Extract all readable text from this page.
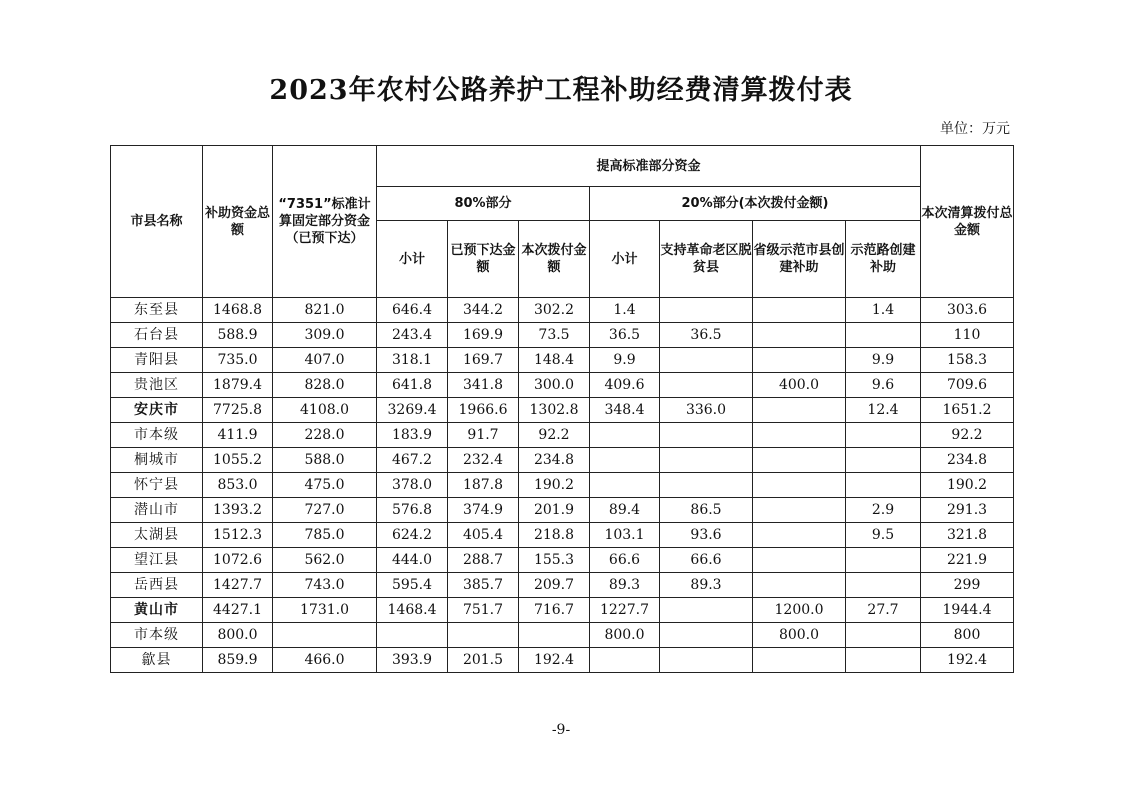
2023年农村公路养护工程补助经费清算拨付表
单位：万元
市县名称	补助资金总额	“7351”标准计算固定部分资金（已预下达）	提高标准部分资金							本次清算拨付总金额
			80%部分			20%部分(本次拨付金额)				
			小计	已预下达金额	本次拨付金额	小计	支持革命老区脱贫县	省级示范市县创建补助	示范路创建补助	
东至县	1468.8	821.0	646.4	344.2	302.2	1.4			1.4	303.6
石台县	588.9	309.0	243.4	169.9	73.5	36.5	36.5			110
青阳县	735.0	407.0	318.1	169.7	148.4	9.9			9.9	158.3
贵池区	1879.4	828.0	641.8	341.8	300.0	409.6		400.0	9.6	709.6
安庆市	7725.8	4108.0	3269.4	1966.6	1302.8	348.4	336.0		12.4	1651.2
市本级	411.9	228.0	183.9	91.7	92.2					92.2
桐城市	1055.2	588.0	467.2	232.4	234.8					234.8
怀宁县	853.0	475.0	378.0	187.8	190.2					190.2
潜山市	1393.2	727.0	576.8	374.9	201.9	89.4	86.5		2.9	291.3
太湖县	1512.3	785.0	624.2	405.4	218.8	103.1	93.6		9.5	321.8
望江县	1072.6	562.0	444.0	288.7	155.3	66.6	66.6			221.9
岳西县	1427.7	743.0	595.4	385.7	209.7	89.3	89.3			299
黄山市	4427.1	1731.0	1468.4	751.7	716.7	1227.7		1200.0	27.7	1944.4
市本级	800.0					800.0		800.0		800
歙县	859.9	466.0	393.9	201.5	192.4					192.4
-9-
